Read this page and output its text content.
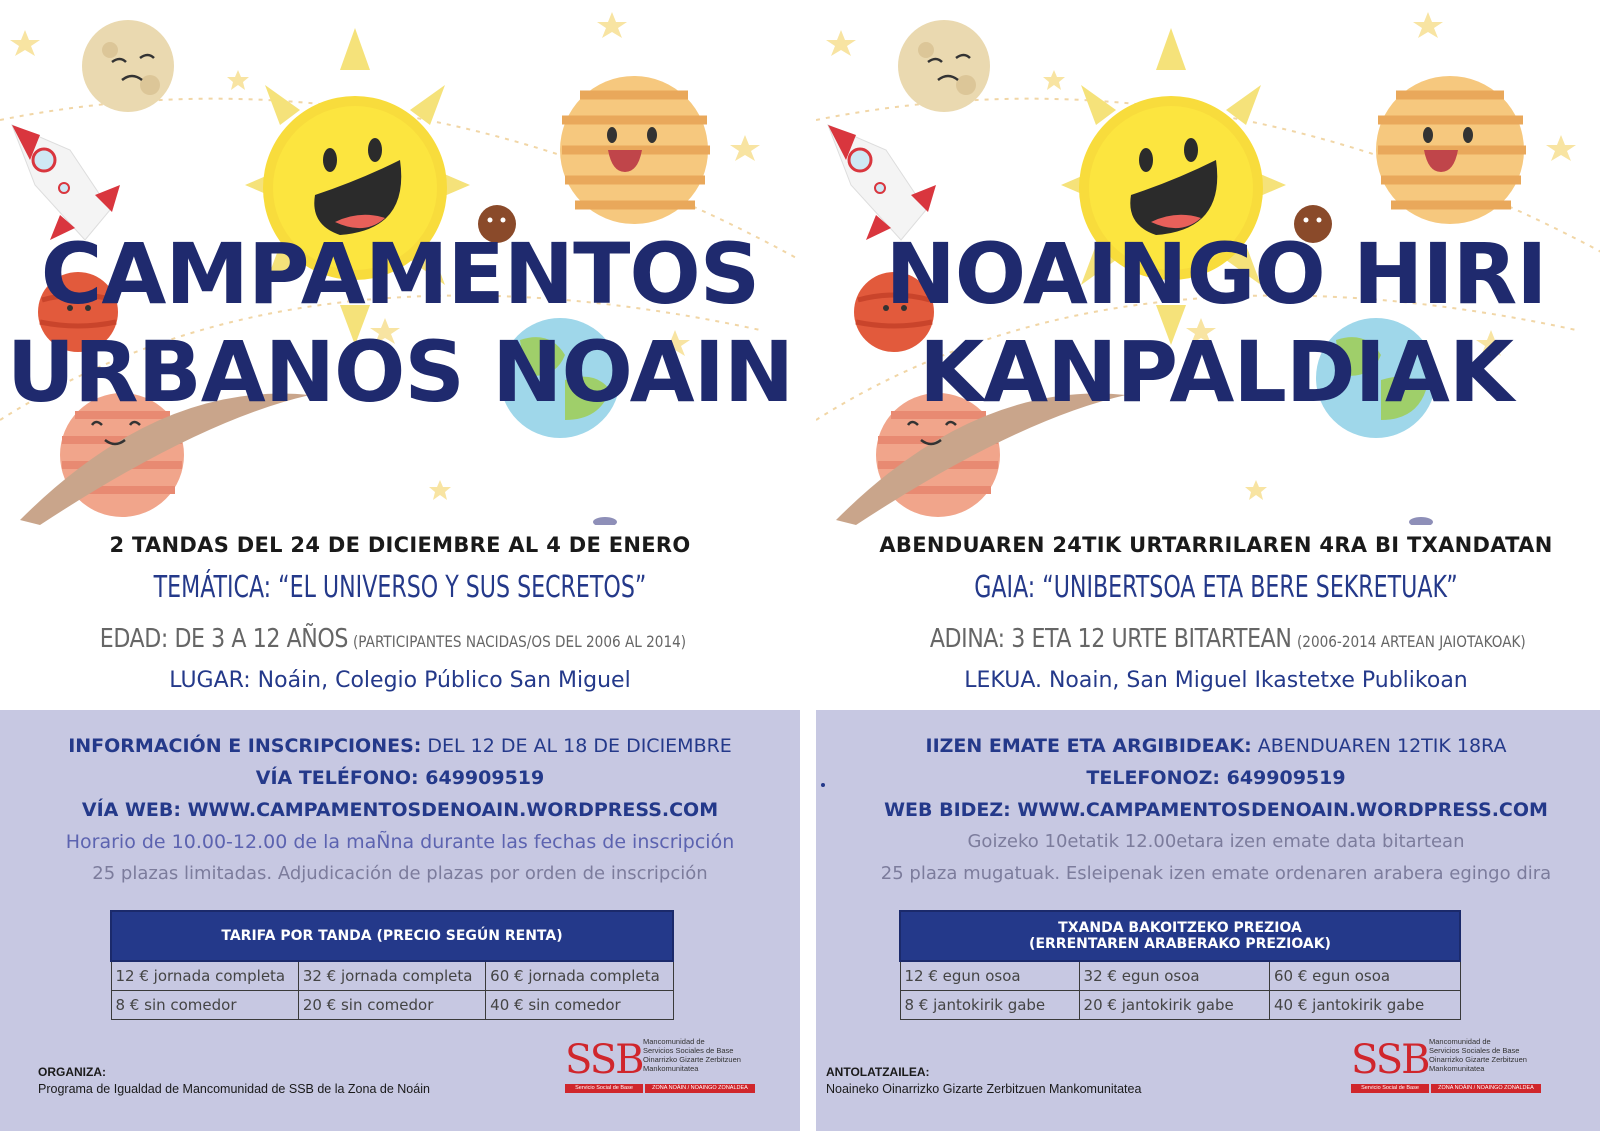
CAMPAMENTOS
URBANOS NOAIN
2 TANDAS DEL 24 DE DICIEMBRE AL 4 DE ENERO
TEMÁTICA: “EL UNIVERSO Y SUS SECRETOS”
EDAD: DE 3 A 12 AÑOS (PARTICIPANTES NACIDAS/OS DEL 2006 AL 2014)
LUGAR: Noáin, Colegio Público San Miguel
INFORMACIÓN E INSCRIPCIONES: DEL 12 DE AL 18 DE DICIEMBRE
VÍA TELÉFONO: 649909519
VÍA WEB: WWW.CAMPAMENTOSDENOAIN.WORDPRESS.COM
Horario de 10.00-12.00 de la maÑna durante las fechas de inscripción
25 plazas limitadas. Adjudicación de plazas por orden de inscripción
TARIFA POR TANDA (PRECIO SEGÚN RENTA)		

12 € jornada completa	32 € jornada completa	60 € jornada completa
8 € sin comedor	20 € sin comedor	40 € sin comedor
ORGANIZA:
Programa de Igualdad de Mancomunidad de SSB de la Zona de Noáin
SSB Mancomunidad de
Servicios Sociales de Base
Oinarrizko Gizarte Zerbitzuen
Mankomunitatea
Servicio Social de Base	ZONA NOÁIN / NOAINGO ZONALDEA
NOAINGO HIRI
KANPALDIAK
ABENDUAREN 24TIK URTARRILAREN 4RA BI TXANDATAN
GAIA: “UNIBERTSOA ETA BERE SEKRETUAK”
ADINA: 3 ETA 12 URTE BITARTEAN (2006-2014 ARTEAN JAIOTAKOAK)
LEKUA. Noain, San Miguel Ikastetxe Publikoan
IIZEN EMATE ETA ARGIBIDEAK: ABENDUAREN 12TIK 18RA
TELEFONOZ: 649909519
WEB BIDEZ: WWW.CAMPAMENTOSDENOAIN.WORDPRESS.COM
Goizeko 10etatik 12.00etara izen emate data bitartean
25 plaza mugatuak. Esleipenak izen emate ordenaren arabera egingo dira
TXANDA BAKOITZEKO PREZIOA
(ERRENTAREN ARABERAKO PREZIOAK)		

12 € egun osoa	32 € egun osoa	60 € egun osoa
8 € jantokirik gabe	20 € jantokirik gabe	40 € jantokirik gabe
ANTOLATZAILEA:
Noaineko Oinarrizko Gizarte Zerbitzuen Mankomunitatea
SSB Mancomunidad de
Servicios Sociales de Base
Oinarrizko Gizarte Zerbitzuen
Mankomunitatea
Servicio Social de Base	ZONA NOÁIN / NOAINGO ZONALDEA
